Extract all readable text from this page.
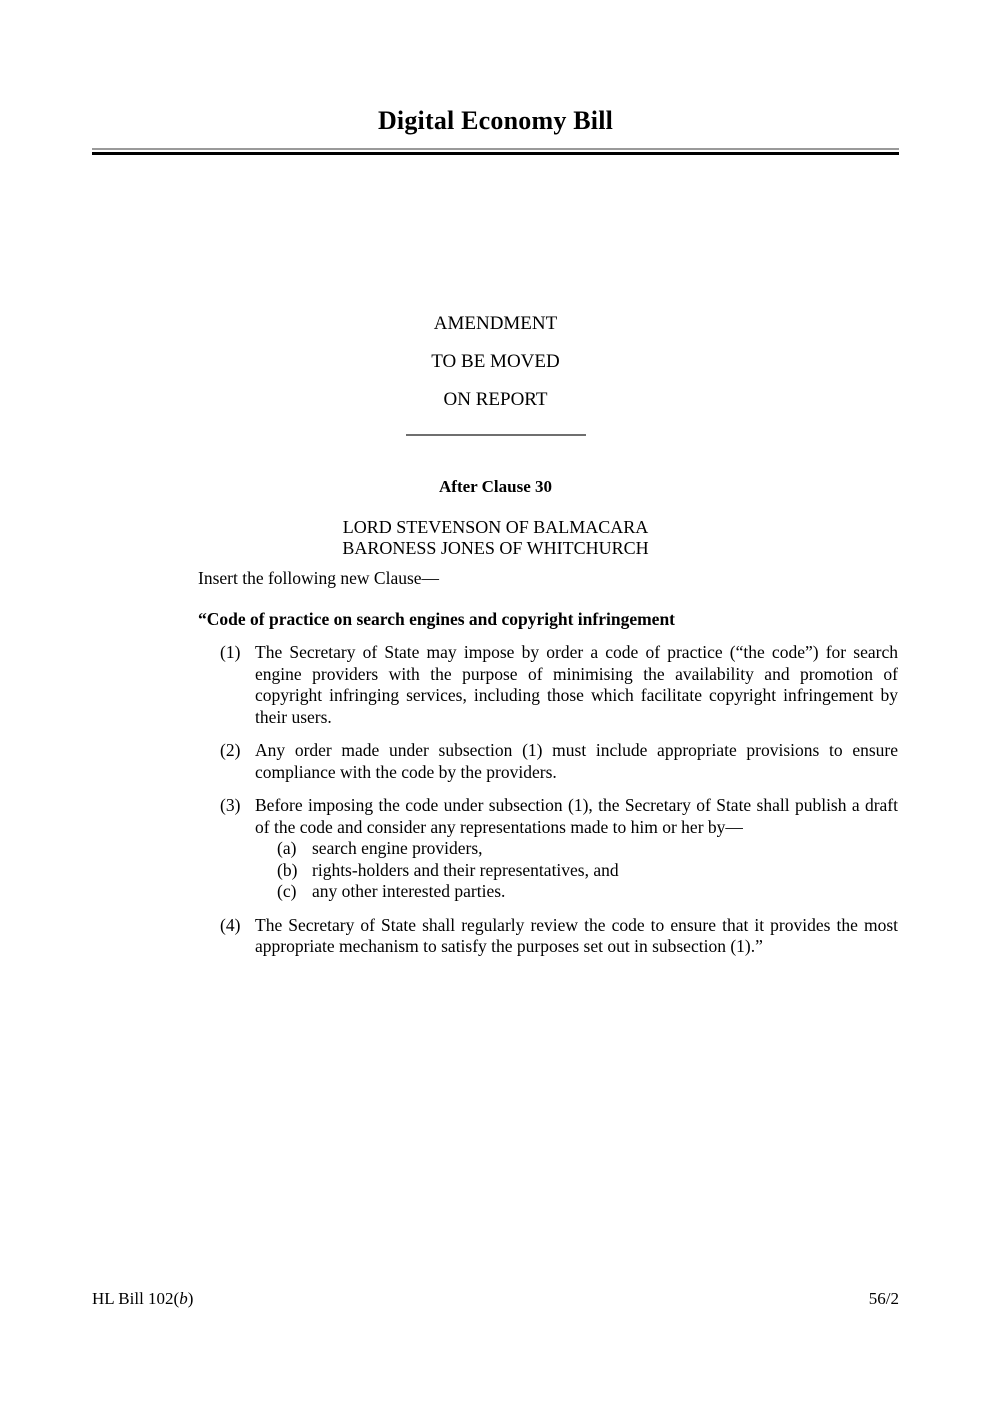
Digital Economy Bill
AMENDMENT
TO BE MOVED
ON REPORT
After Clause 30
LORD STEVENSON OF BALMACARA
BARONESS JONES OF WHITCHURCH

Insert the following new Clause—

“Code of practice on search engines and copyright infringement

(1) The Secretary of State may impose by order a code of practice (“the code”) for search engine providers with the purpose of minimising the availability and promotion of copyright infringing services, including those which facilitate copyright infringement by their users.
(2) Any order made under subsection (1) must include appropriate provisions to ensure compliance with the code by the providers.
(3) Before imposing the code under subsection (1), the Secretary of State shall publish a draft of the code and consider any representations made to him or her by—
(a) search engine providers,
(b) rights-holders and their representatives, and
(c) any other interested parties.
(4) The Secretary of State shall regularly review the code to ensure that it provides the most appropriate mechanism to satisfy the purposes set out in subsection (1).”
HL Bill 102(b)	56/2
